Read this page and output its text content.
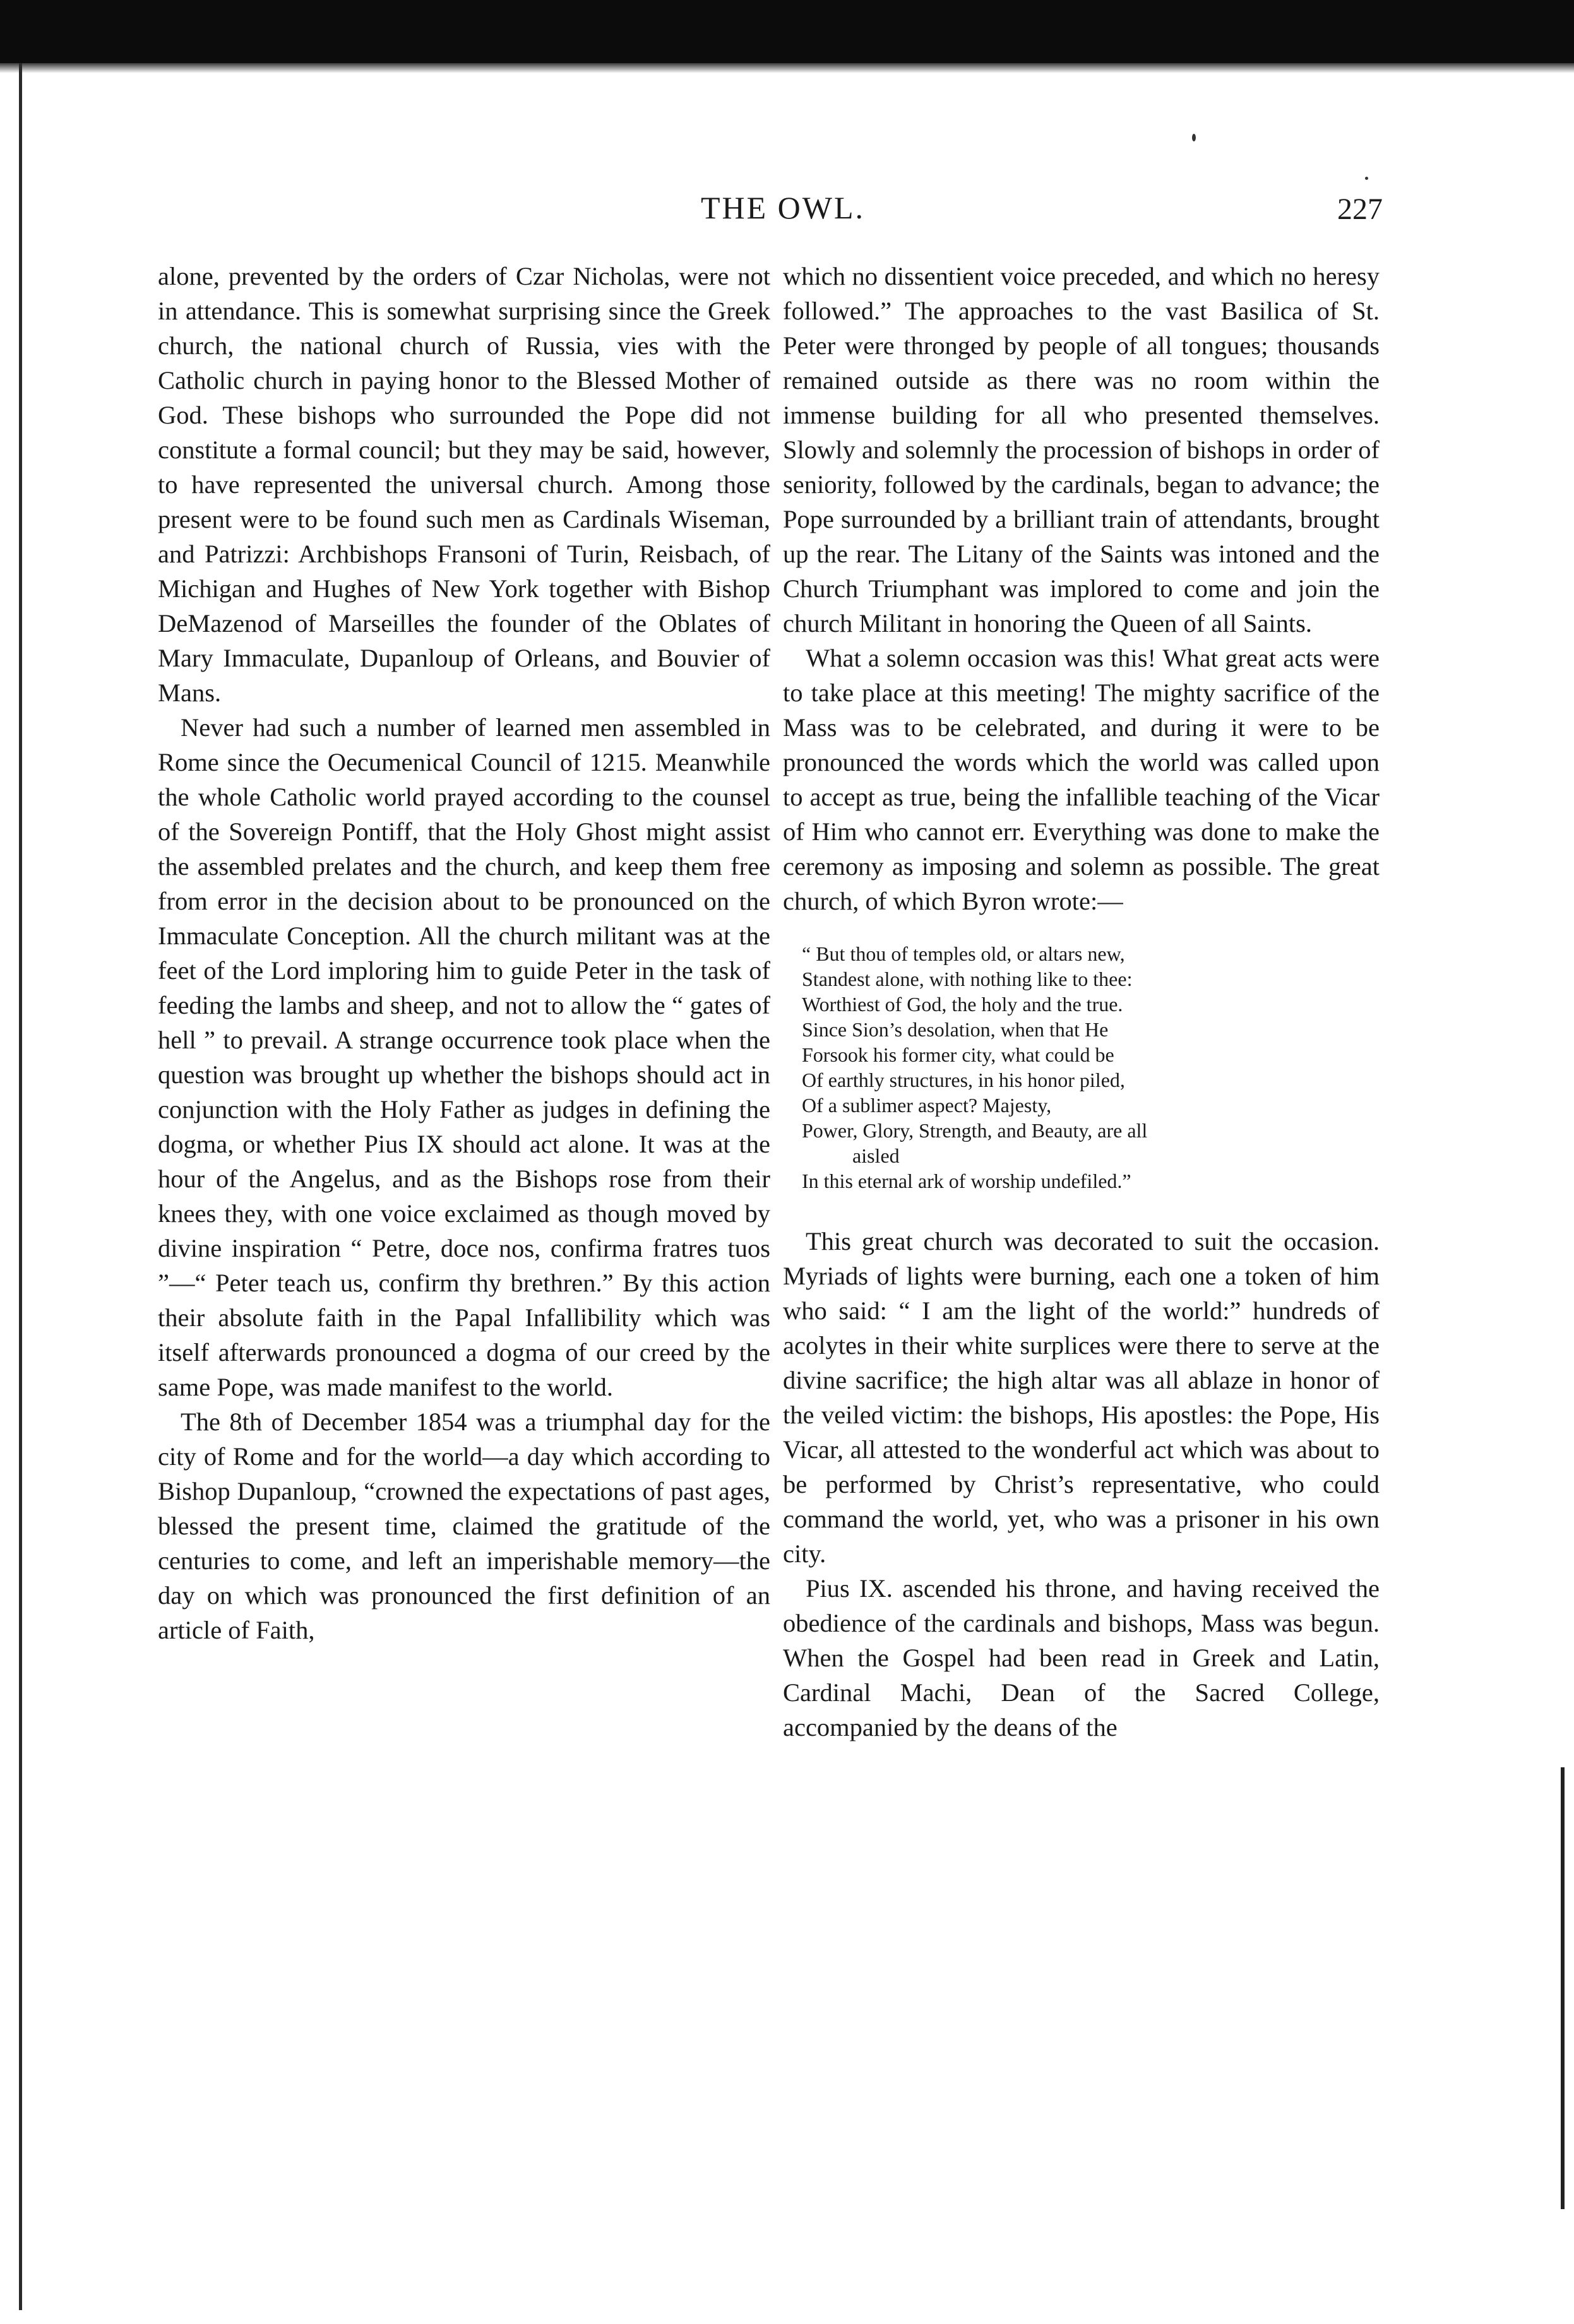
THE OWL.	227

alone, prevented by the orders of Czar Nicholas, were not in attendance. This is somewhat surprising since the Greek church, the national church of Russia, vies with the Catholic church in paying honor to the Blessed Mother of God. These bishops who surrounded the Pope did not constitute a formal council; but they may be said, however, to have represented the universal church. Among those present were to be found such men as Cardinals Wiseman, and Patrizzi: Archbishops Fransoni of Turin, Reisbach, of Michigan and Hughes of New York together with Bishop DeMazenod of Marseilles the founder of the Oblates of Mary Immaculate, Dupanloup of Orleans, and Bouvier of Mans.

Never had such a number of learned men assembled in Rome since the Oecumenical Council of 1215. Meanwhile the whole Catholic world prayed according to the counsel of the Sovereign Pontiff, that the Holy Ghost might assist the assembled prelates and the church, and keep them free from error in the decision about to be pronounced on the Immaculate Conception. All the church militant was at the feet of the Lord imploring him to guide Peter in the task of feeding the lambs and sheep, and not to allow the “ gates of hell ” to prevail. A strange occurrence took place when the question was brought up whether the bishops should act in conjunction with the Holy Father as judges in defining the dogma, or whether Pius IX should act alone. It was at the hour of the Angelus, and as the Bishops rose from their knees they, with one voice exclaimed as though moved by divine inspiration “ Petre, doce nos, confirma fratres tuos ”—“ Peter teach us, confirm thy brethren.” By this action their absolute faith in the Papal Infallibility which was itself afterwards pronounced a dogma of our creed by the same Pope, was made manifest to the world.

The 8th of December 1854 was a triumphal day for the city of Rome and for the world—a day which according to Bishop Dupanloup, “crowned the expectations of past ages, blessed the present time, claimed the gratitude of the centuries to come, and left an imperishable memory—the day on which was pronounced the first definition of an article of Faith,

which no dissentient voice preceded, and which no heresy followed.” The approaches to the vast Basilica of St. Peter were thronged by people of all tongues; thousands remained outside as there was no room within the immense building for all who presented themselves. Slowly and solemnly the procession of bishops in order of seniority, followed by the cardinals, began to advance; the Pope surrounded by a brilliant train of attendants, brought up the rear. The Litany of the Saints was intoned and the Church Triumphant was implored to come and join the church Militant in honoring the Queen of all Saints.

What a solemn occasion was this! What great acts were to take place at this meeting! The mighty sacrifice of the Mass was to be celebrated, and during it were to be pronounced the words which the world was called upon to accept as true, being the infallible teaching of the Vicar of Him who cannot err. Everything was done to make the ceremony as imposing and solemn as possible. The great church, of which Byron wrote:—

“ But thou of temples old, or altars new,
Standest alone, with nothing like to thee:
Worthiest of God, the holy and the true.
Since Sion’s desolation, when that He
Forsook his former city, what could be
Of earthly structures, in his honor piled,
Of a sublimer aspect? Majesty,
Power, Glory, Strength, and Beauty, are all
aisled
In this eternal ark of worship undefiled.”

This great church was decorated to suit the occasion. Myriads of lights were burning, each one a token of him who said: “ I am the light of the world:” hundreds of acolytes in their white surplices were there to serve at the divine sacrifice; the high altar was all ablaze in honor of the veiled victim: the bishops, His apostles: the Pope, His Vicar, all attested to the wonderful act which was about to be performed by Christ’s representative, who could command the world, yet, who was a prisoner in his own city.

Pius IX. ascended his throne, and having received the obedience of the cardinals and bishops, Mass was begun. When the Gospel had been read in Greek and Latin, Cardinal Machi, Dean of the Sacred College, accompanied by the deans of the
